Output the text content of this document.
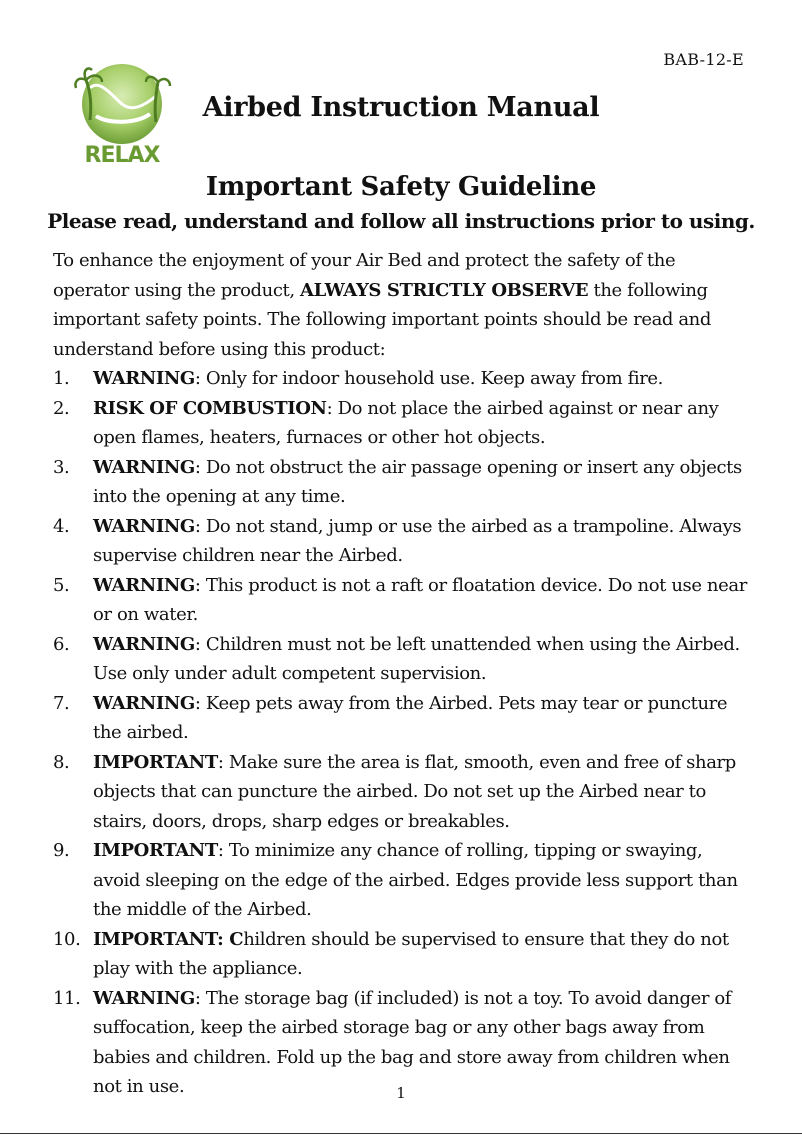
BAB-12-E
RELAX
Airbed Instruction Manual
Important Safety Guideline
Please read, understand and follow all instructions prior to using.
To enhance the enjoyment of your Air Bed and protect the safety of the operator using the product, ALWAYS STRICTLY OBSERVE the following important safety points. The following important points should be read and understand before using this product:
1.	WARNING: Only for indoor household use. Keep away from fire.
2.	RISK OF COMBUSTION: Do not place the airbed against or near any open flames, heaters, furnaces or other hot objects.
3.	WARNING: Do not obstruct the air passage opening or insert any objects into the opening at any time.
4.	WARNING: Do not stand, jump or use the airbed as a trampoline. Always supervise children near the Airbed.
5.	WARNING: This product is not a raft or floatation device. Do not use near or on water.
6.	WARNING: Children must not be left unattended when using the Airbed. Use only under adult competent supervision.
7.	WARNING: Keep pets away from the Airbed. Pets may tear or puncture the airbed.
8.	IMPORTANT: Make sure the area is flat, smooth, even and free of sharp objects that can puncture the airbed. Do not set up the Airbed near to stairs, doors, drops, sharp edges or breakables.
9.	IMPORTANT: To minimize any chance of rolling, tipping or swaying, avoid sleeping on the edge of the airbed. Edges provide less support than the middle of the Airbed.
10. IMPORTANT: Children should be supervised to ensure that they do not play with the appliance.
11. WARNING: The storage bag (if included) is not a toy. To avoid danger of suffocation, keep the airbed storage bag or any other bags away from babies and children. Fold up the bag and store away from children when not in use.	1
